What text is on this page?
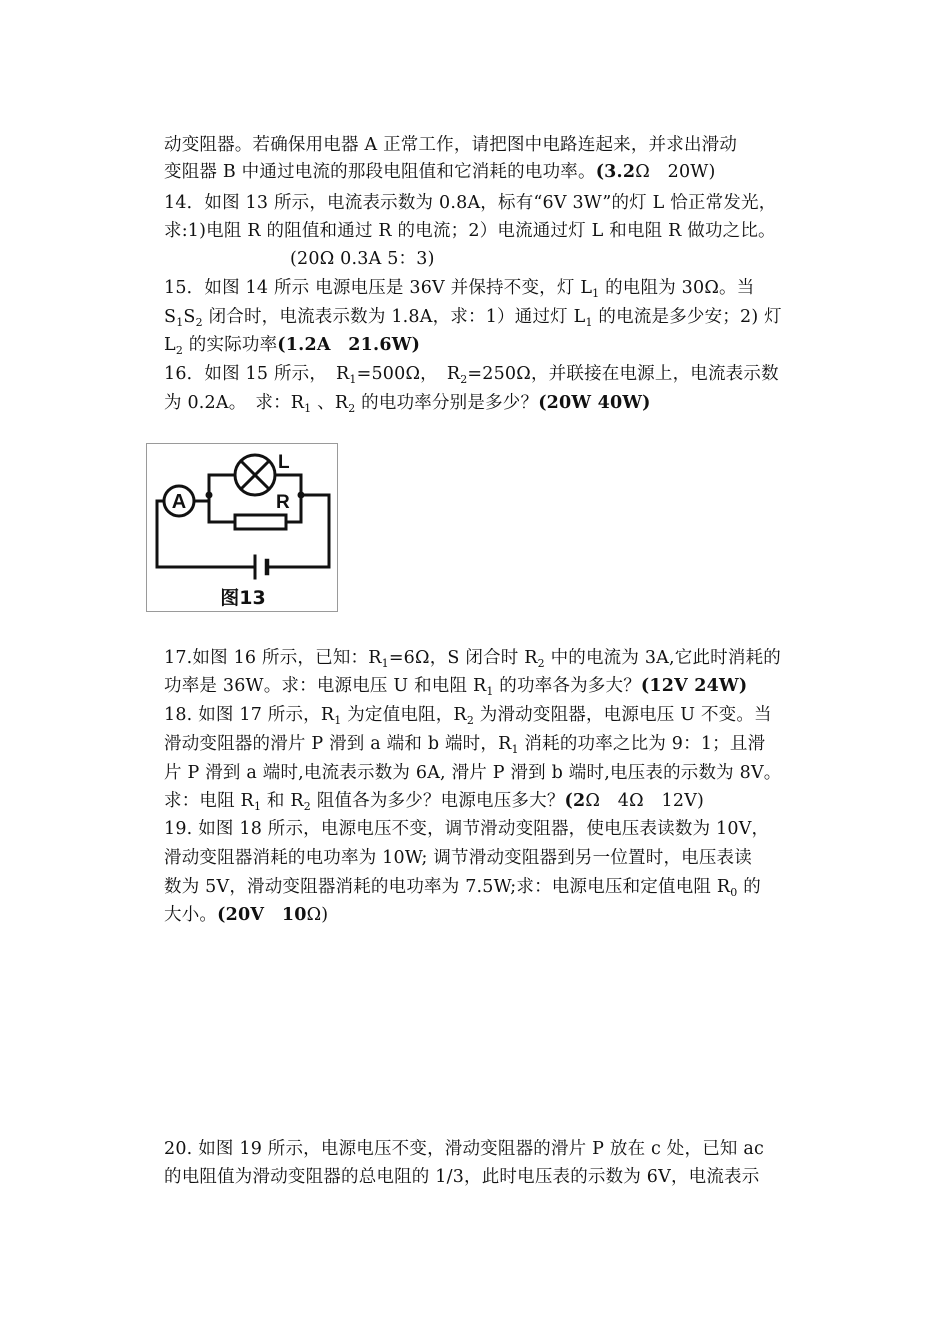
动变阻器。若确保用电器 A 正常工作，请把图中电路连起来，并求出滑动
变阻器 B 中通过电流的那段电阻值和它消耗的电功率。(3.2Ω　20W)
14．如图 13 所示，电流表示数为 0.8A，标有“6V 3W”的灯 L 恰正常发光，
求:1)电阻 R 的阻值和通过 R 的电流；2）电流通过灯 L 和电阻 R 做功之比。
(20Ω 0.3A 5：3)
15．如图 14 所示 电源电压是 36V 并保持不变，灯 $L_1$ 的电阻为 30Ω。当
$S_1S_2$ 闭合时，电流表示数为 1.8A，求：1）通过灯 $L_1$ 的电流是多少安；2) 灯
$L_2$ 的实际功率(1.2A　21.6W)
16．如图 15 所示，　$R_1=500\Omega$，　$R_2=250\Omega$，并联接在电源上，电流表示数
为 0.2A。　求：$R_1$ 、$R_2$ 的电功率分别是多少？(20W 40W)
A
L
R
图13
17.如图 16 所示，已知：$R_1=6\Omega$，S 闭合时 $R_2$ 中的电流为 3A,它此时消耗的
功率是 36W。求：电源电压 U 和电阻 $R_1$ 的功率各为多大？(12V 24W)
18. 如图 17 所示，$R_1$ 为定值电阻，$R_2$ 为滑动变阻器，电源电压 U 不变。当
滑动变阻器的滑片 P 滑到 a 端和 b 端时，$R_1$ 消耗的功率之比为 9：1；且滑
片 P 滑到 a 端时,电流表示数为 6A, 滑片 P 滑到 b 端时,电压表的示数为 8V。
求：电阻 $R_1$ 和 $R_2$ 阻值各为多少？电源电压多大？(2Ω　4Ω　12V)
19. 如图 18 所示，电源电压不变，调节滑动变阻器，使电压表读数为 10V，
滑动变阻器消耗的电功率为 10W; 调节滑动变阻器到另一位置时，电压表读
数为 5V，滑动变阻器消耗的电功率为 7.5W;求：电源电压和定值电阻 $R_0$ 的
大小。(20V　10Ω)
20. 如图 19 所示，电源电压不变，滑动变阻器的滑片 P 放在 c 处，已知 ac
的电阻值为滑动变阻器的总电阻的 1/3，此时电压表的示数为 6V，电流表示
